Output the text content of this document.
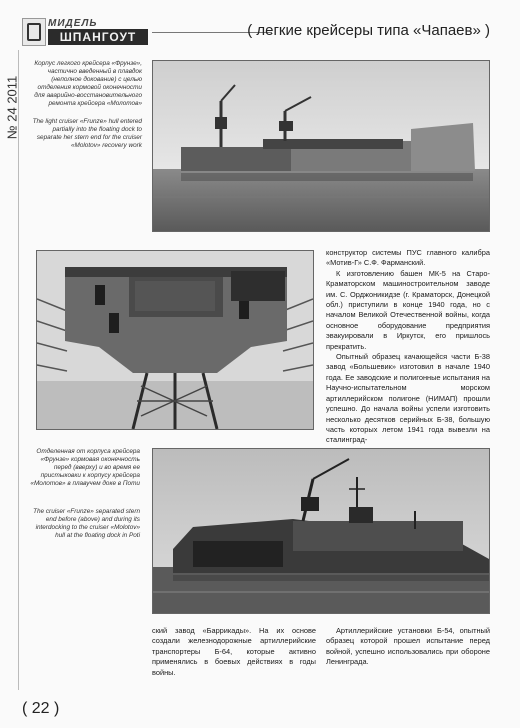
МИДЕЛЬ
ШПАНГОУТ	( легкие крейсеры типа «Чапаев» )
№ 24 2011
Корпус легкого крейсера «Фрунзе», частично введенный в плавдок (неполное докование) с целью отделения кормовой оконечности для аварийно-восстановительного ремонта крейсера «Молотов»
The light cruiser «Frunze» hull entered partially into the floating dock to separate her stern end for the cruiser «Molotov» recovery work

конструктор системы ПУС главного калибра «Мотив-Г» С.Ф. Фарманский.

К изготовлению башен МК-5 на Старо-Краматорском машиностроительном заводе им. С. Орджоникидзе (г. Краматорск, Донецкой обл.) приступили в конце 1940 года, но с началом Великой Отечественной войны, когда основное оборудование предприятия эвакуировали в Иркутск, его пришлось прекратить.

Опытный образец качающейся части Б-38 завод «Большевик» изготовил в начале 1940 года. Ее заводские и полигонные испытания на Научно-испытательном морском артиллерийском полигоне (НИМАП) прошли успешно. До начала войны успели изготовить несколько десятков серийных Б-38, большую часть которых летом 1941 года вывезли на сталинград-

Отделенная от корпуса крейсера «Фрунзе» кормовая оконечность перед (вверху) и во время ее пристыковки к корпусу крейсера «Молотов» в плавучем доке в Поти
The cruiser «Frunze» separated stern end before (above) and during its interdocking to the cruiser «Molotov» hull at the floating dock in Poti

ский завод «Баррикады». На их основе создали железнодорожные артиллерийские транспортеры Б-64, которые активно применялись в боевых действиях в годы войны.

Артиллерийские установки Б-54, опытный образец которой прошел испытание перед войной, успешно использовались при обороне Ленинграда.

( 22 )
